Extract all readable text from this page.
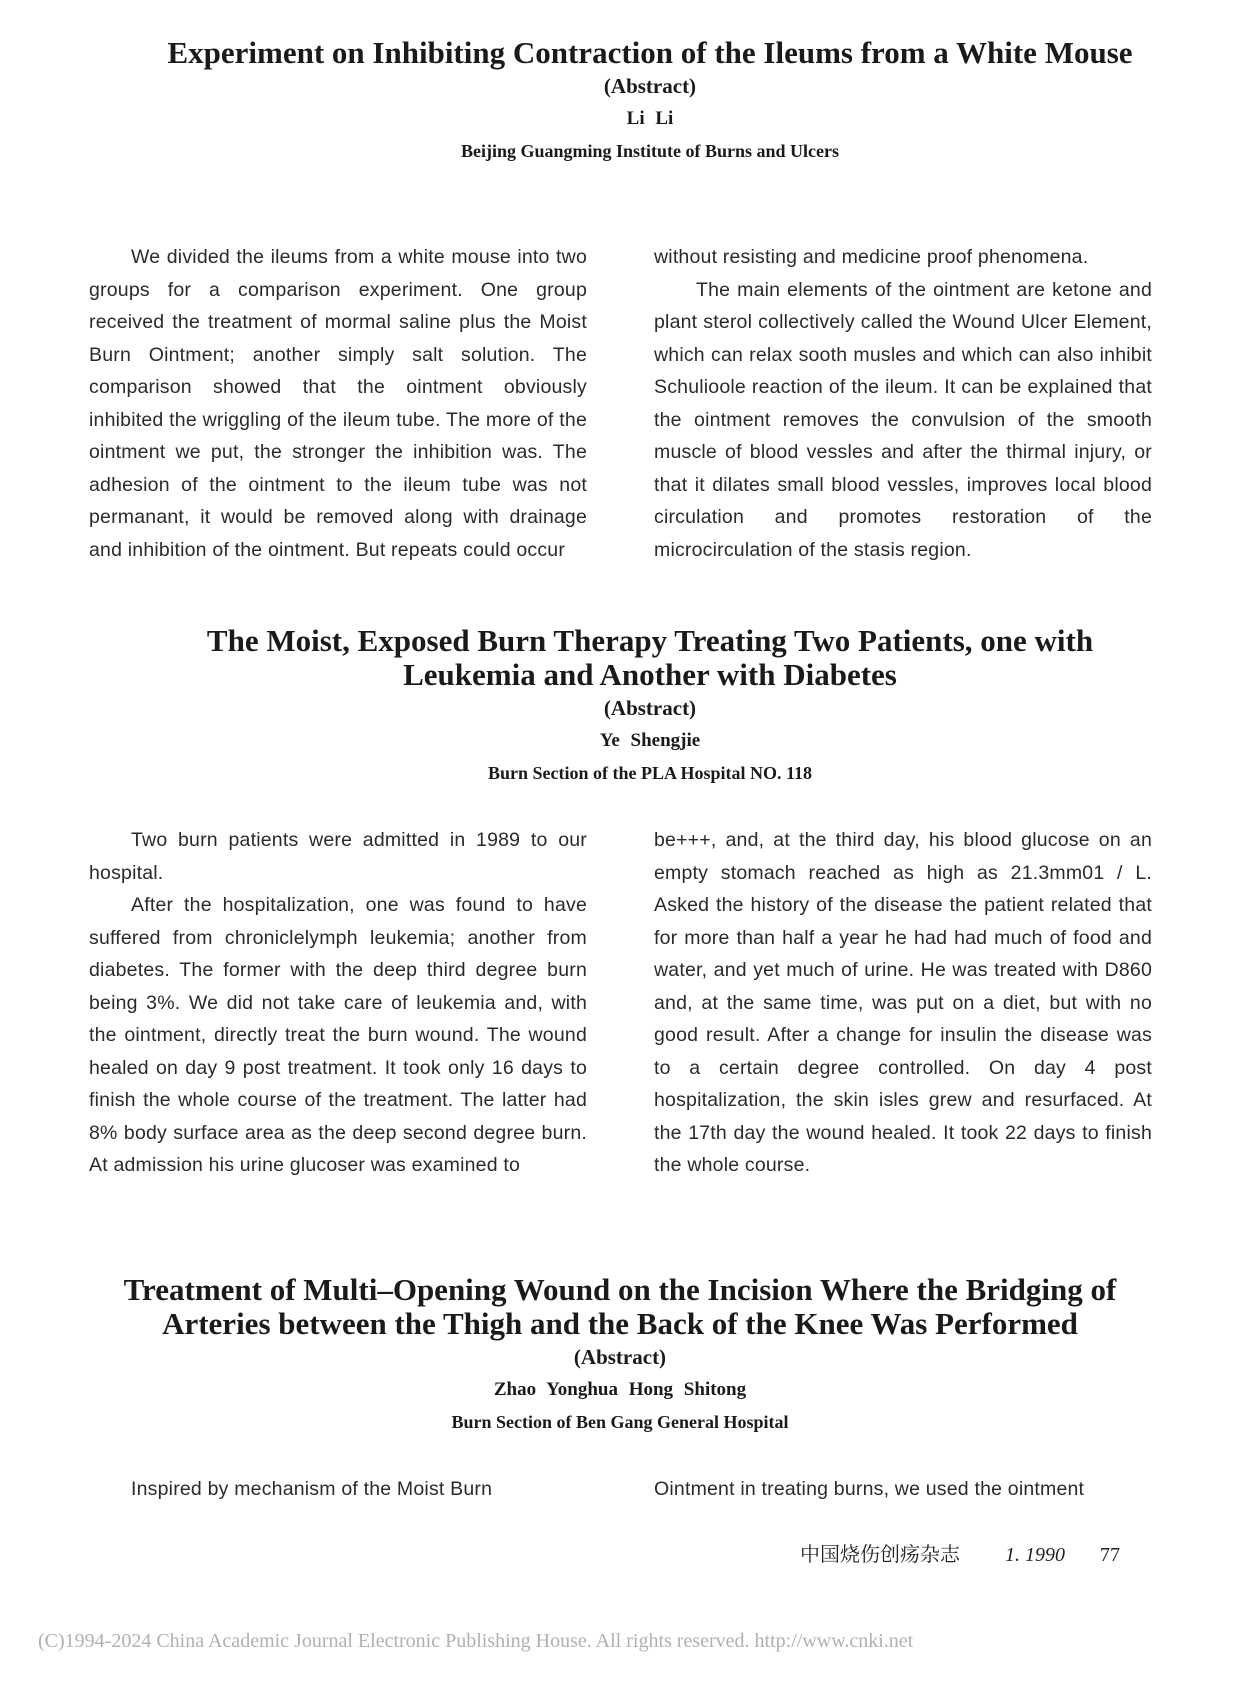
Experiment on Inhibiting Contraction of the Ileums from a White Mouse
(Abstract)
Li Li
Beijing Guangming Institute of Burns and Ulcers

We divided the ileums from a white mouse into two groups for a comparison experiment. One group received the treatment of mormal saline plus the Moist Burn Ointment; another simply salt solution. The comparison showed that the ointment obviously inhibited the wriggling of the ileum tube. The more of the ointment we put, the stronger the inhibition was. The adhesion of the ointment to the ileum tube was not permanant, it would be removed along with drainage and inhibition of the ointment. But repeats could occur

without resisting and medicine proof phenomena.

The main elements of the ointment are ketone and plant sterol collectively called the Wound Ulcer Element, which can relax sooth musles and which can also inhibit Schulioole reaction of the ileum. It can be explained that the ointment removes the convulsion of the smooth muscle of blood vessles and after the thirmal injury, or that it dilates small blood vessles, improves local blood circulation and promotes restoration of the microcirculation of the stasis region.

The Moist, Exposed Burn Therapy Treating Two Patients, one with Leukemia and Another with Diabetes
(Abstract)
Ye Shengjie
Burn Section of the PLA Hospital NO. 118

Two burn patients were admitted in 1989 to our hospital.

After the hospitalization, one was found to have suffered from chroniclelymph leukemia; another from diabetes. The former with the deep third degree burn being 3%. We did not take care of leukemia and, with the ointment, directly treat the burn wound. The wound healed on day 9 post treatment. It took only 16 days to finish the whole course of the treatment. The latter had 8% body surface area as the deep second degree burn. At admission his urine glucoser was examined to

be+++, and, at the third day, his blood glucose on an empty stomach reached as high as 21.3mm01 / L. Asked the history of the disease the patient related that for more than half a year he had had much of food and water, and yet much of urine. He was treated with D860 and, at the same time, was put on a diet, but with no good result. After a change for insulin the disease was to a certain degree controlled. On day 4 post hospitalization, the skin isles grew and resurfaced. At the 17th day the wound healed. It took 22 days to finish the whole course.

Treatment of Multi–Opening Wound on the Incision Where the Bridging of Arteries between the Thigh and the Back of the Knee Was Performed
(Abstract)
Zhao Yonghua Hong Shitong
Burn Section of Ben Gang General Hospital

Inspired by mechanism of the Moist Burn	Ointment in treating burns, we used the ointment

中国烧伤创疡杂志 1. 1990 77
(C)1994-2024 China Academic Journal Electronic Publishing House. All rights reserved. http://www.cnki.net
